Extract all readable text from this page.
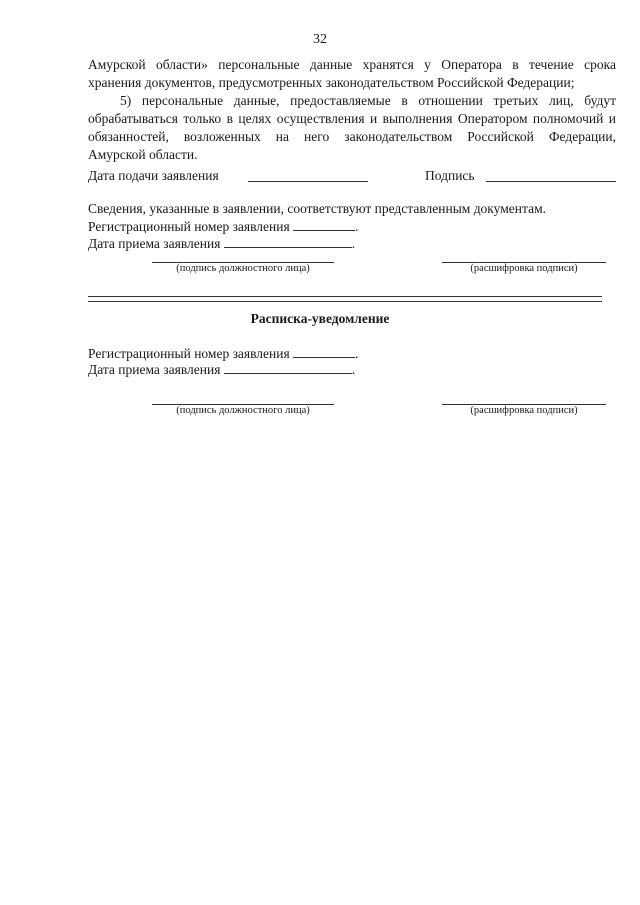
32
Амурской области» персональные данные хранятся у Оператора в течение срока
хранения документов, предусмотренных законодательством Российской Федерации;
5) персональные данные, предоставляемые в отношении третьих лиц, будут
обрабатываться только в целях осуществления и выполнения Оператором полномочий и
обязанностей, возложенных на него законодательством Российской Федерации,
Амурской области.
Дата подачи заявления	Подпись
Сведения, указанные в заявлении, соответствуют представленным документам.
Регистрационный номер заявления	.
Дата приема заявления	.
(подпись должностного лица)	(расшифровка подписи)
Расписка-уведомление
Регистрационный номер заявления	.
Дата приема заявления	.
(подпись должностного лица)	(расшифровка подписи)
